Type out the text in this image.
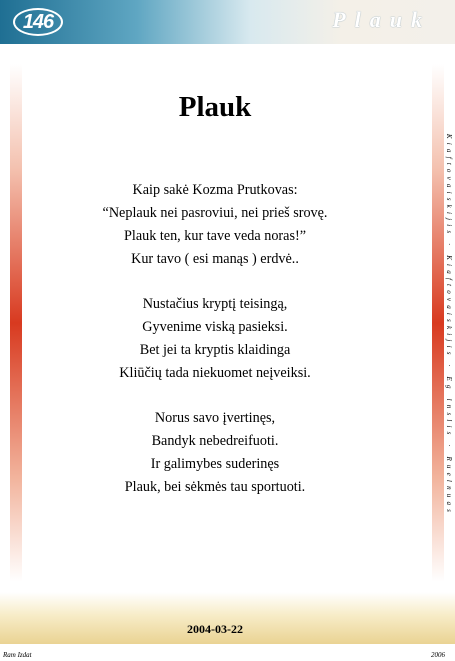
146	Plauk
Kiaftovaiskijis · Kiaftovaiskijis · Eg lnslis · Ruelnuas
Plauk
Kaip sakė Kozma Prutkovas:
“Neplauk nei pasroviui, nei prieš srovę.
Plauk ten, kur tave veda noras!”
Kur tavo ( esi manąs ) erdvė..
Nustačius kryptį teisingą,
Gyvenime viską pasieksi.
Bet jei ta kryptis klaidinga
Kliūčių tada niekuomet neįveiksi.
Norus savo įvertinęs,
Bandyk nebedreifuoti.
Ir galimybes suderinęs
Plauk, bei sėkmės tau sportuoti.
2004-03-22
Ram Izdat	2006
